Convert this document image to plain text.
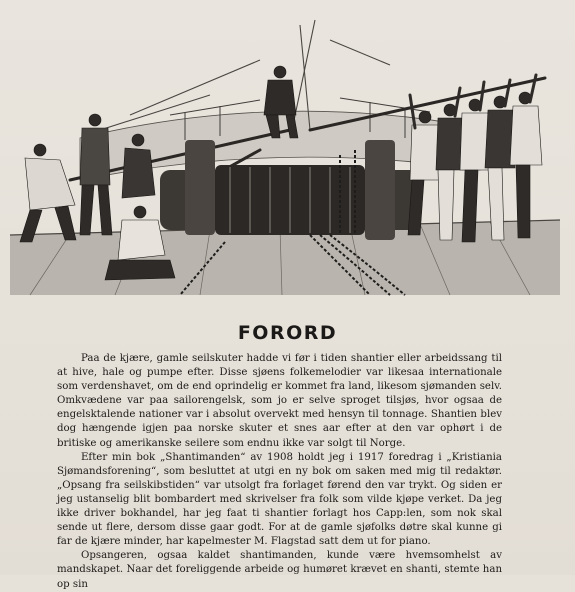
FORORD

Paa de kjære, gamle seilskuter hadde vi før i tiden shantier eller arbeidssang til at hive, hale og pumpe efter. Disse sjøens folkemelodier var likesaa internationale som verdenshavet, om de end oprindelig er kommet fra land, likesom sjømanden selv. Omkvædene var paa sailorengelsk, som jo er selve sproget tilsjøs, hvor ogsaa de engelsktalende nationer var i absolut overvekt med hensyn til tonnage. Shantien blev dog hængende igjen paa norske skuter et snes aar efter at den var ophørt i de britiske og amerikanske seilere som endnu ikke var solgt til Norge.

Efter min bok „Shantimanden“ av 1908 holdt jeg i 1917 foredrag i „Kristiania Sjømandsforening“, som besluttet at utgi en ny bok om saken med mig til redaktør. „Opsang fra seilskibstiden“ var utsolgt fra forlaget førend den var trykt. Og siden er jeg ustanselig blit bombardert med skrivelser fra folk som vilde kjøpe verket. Da jeg ikke driver bokhandel, har jeg faat ti shantier forlagt hos Capp:len, som nok skal sende ut flere, dersom disse gaar godt. For at de gamle sjøfolks døtre skal kunne gi far de kjære minder, har kapelmester M. Flagstad satt dem ut for piano.

Opsangeren, ogsaa kaldet shantimanden, kunde være hvemsomhelst av mandskapet. Naar det foreliggende arbeide og humøret krævet en shanti, stemte han op sin
